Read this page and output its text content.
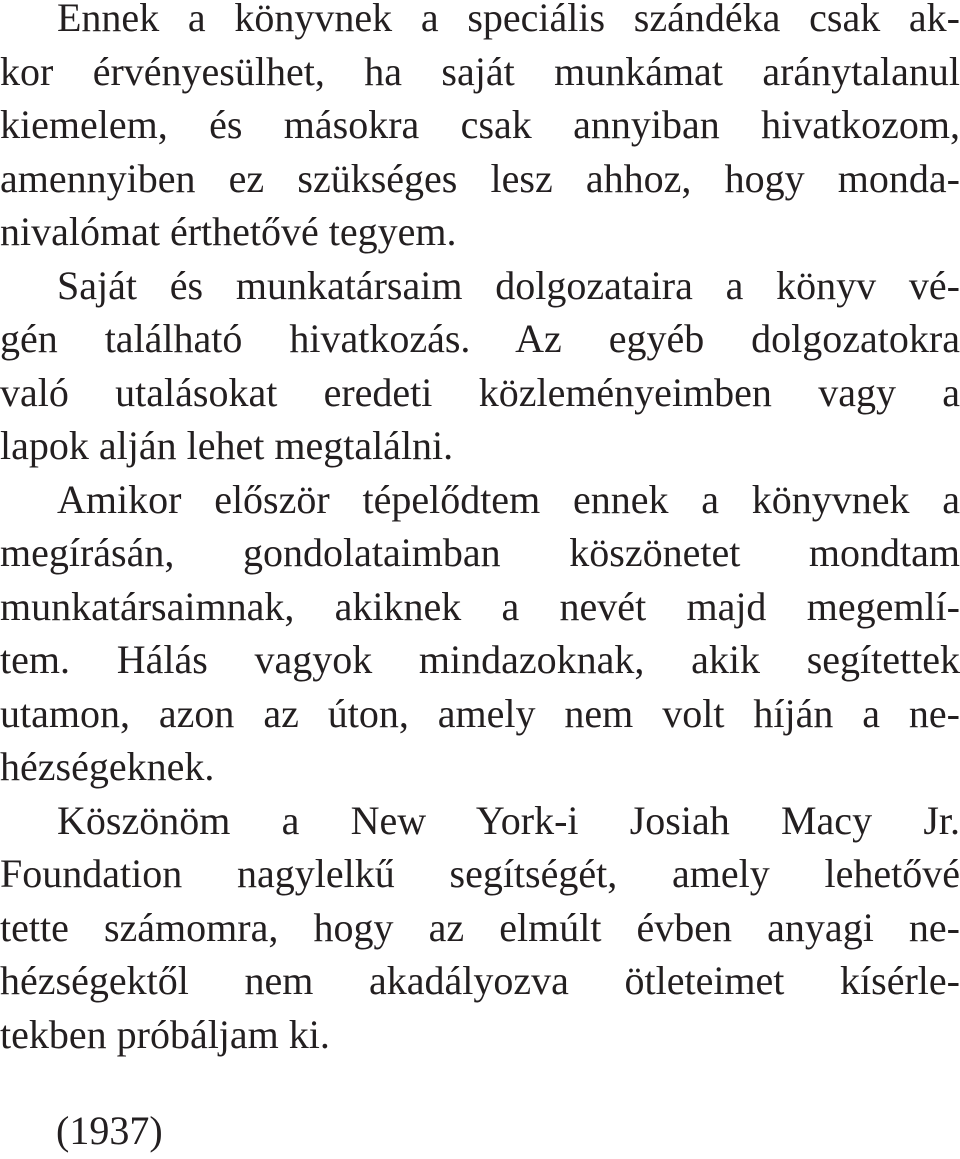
Ennek a könyvnek a speciális szándéka csak ak-
kor érvényesülhet, ha saját munkámat aránytalanul
kiemelem, és másokra csak annyiban hivatkozom,
amennyiben ez szükséges lesz ahhoz, hogy monda-
nivalómat érthetővé tegyem.
Saját és munkatársaim dolgozataira a könyv vé-
gén található hivatkozás. Az egyéb dolgozatokra
való utalásokat eredeti közleményeimben vagy a
lapok alján lehet megtalálni.
Amikor először tépelődtem ennek a könyvnek a
megírásán, gondolataimban köszönetet mondtam
munkatársaimnak, akiknek a nevét majd megemlí-
tem. Hálás vagyok mindazoknak, akik segítettek
utamon, azon az úton, amely nem volt híján a ne-
hézségeknek.
Köszönöm a New York-i Josiah Macy Jr.
Foundation nagylelkű segítségét, amely lehetővé
tette számomra, hogy az elmúlt évben anyagi ne-
hézségektől nem akadályozva ötleteimet kísérle-
tekben próbáljam ki.
(1937)
